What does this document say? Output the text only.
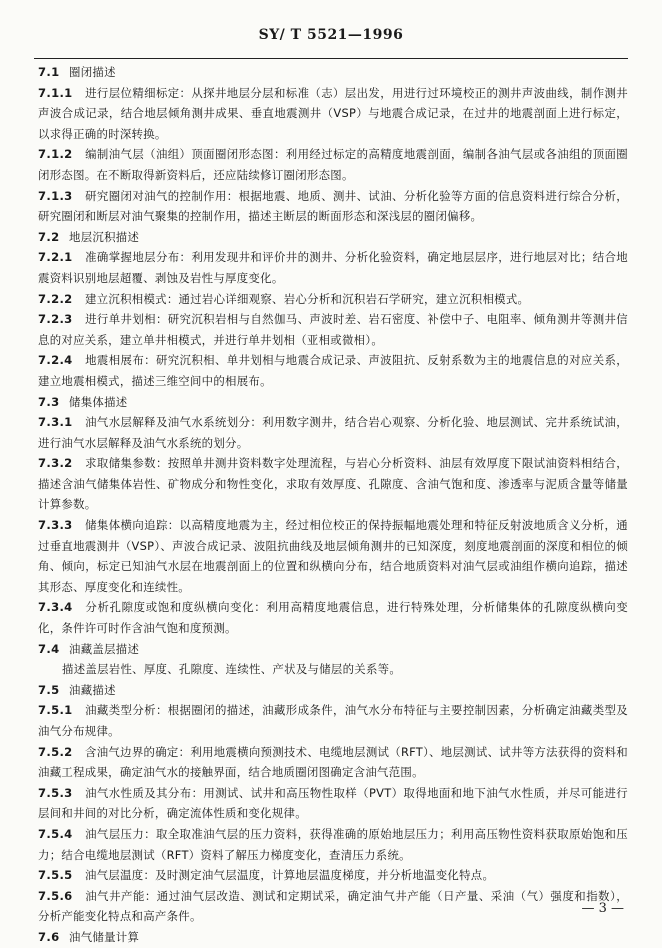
SY/ T 5521—1996

7.1 圈闭描述

7.1.1 进行层位精细标定：从探井地层分层和标准（志）层出发，用进行过环境校正的测井声波曲线，制作测井声波合成记录，结合地层倾角测井成果、垂直地震测井（VSP）与地震合成记录，在过井的地震剖面上进行标定，以求得正确的时深转换。

7.1.2 编制油气层（油组）顶面圈闭形态图：利用经过标定的高精度地震剖面，编制各油气层或各油组的顶面圈闭形态图。在不断取得新资料后，还应陆续修订圈闭形态图。

7.1.3 研究圈闭对油气的控制作用：根据地震、地质、测井、试油、分析化验等方面的信息资料进行综合分析，研究圈闭和断层对油气聚集的控制作用，描述主断层的断面形态和深浅层的圈闭偏移。

7.2 地层沉积描述

7.2.1 准确掌握地层分布：利用发现井和评价井的测井、分析化验资料，确定地层层序，进行地层对比；结合地震资料识别地层超覆、剥蚀及岩性与厚度变化。

7.2.2 建立沉积相模式：通过岩心详细观察、岩心分析和沉积岩石学研究，建立沉积相模式。

7.2.3 进行单井划相：研究沉积岩相与自然伽马、声波时差、岩石密度、补偿中子、电阻率、倾角测井等测井信息的对应关系，建立单井相模式，并进行单井划相（亚相或微相）。

7.2.4 地震相展布：研究沉积相、单井划相与地震合成记录、声波阻抗、反射系数为主的地震信息的对应关系，建立地震相模式，描述三维空间中的相展布。

7.3 储集体描述

7.3.1 油气水层解释及油气水系统划分：利用数字测井，结合岩心观察、分析化验、地层测试、完井系统试油，进行油气水层解释及油气水系统的划分。

7.3.2 求取储集参数：按照单井测井资料数字处理流程，与岩心分析资料、油层有效厚度下限试油资料相结合，描述含油气储集体岩性、矿物成分和物性变化，求取有效厚度、孔隙度、含油气饱和度、渗透率与泥质含量等储量计算参数。

7.3.3 储集体横向追踪：以高精度地震为主，经过相位校正的保持振幅地震处理和特征反射波地质含义分析，通过垂直地震测井（VSP）、声波合成记录、波阻抗曲线及地层倾角测井的已知深度，刻度地震剖面的深度和相位的倾角、倾向，标定已知油气水层在地震剖面上的位置和纵横向分布，结合地质资料对油气层或油组作横向追踪，描述其形态、厚度变化和连续性。

7.3.4 分析孔隙度或饱和度纵横向变化：利用高精度地震信息，进行特殊处理，分析储集体的孔隙度纵横向变化，条件许可时作含油气饱和度预测。

7.4 油藏盖层描述

描述盖层岩性、厚度、孔隙度、连续性、产状及与储层的关系等。

7.5 油藏描述

7.5.1 油藏类型分析：根据圈闭的描述，油藏形成条件，油气水分布特征与主要控制因素，分析确定油藏类型及油气分布规律。

7.5.2 含油气边界的确定：利用地震横向预测技术、电缆地层测试（RFT）、地层测试、试井等方法获得的资料和油藏工程成果，确定油气水的接触界面，结合地质圈闭图确定含油气范围。

7.5.3 油气水性质及其分布：用测试、试井和高压物性取样（PVT）取得地面和地下油气水性质，并尽可能进行层间和井间的对比分析，确定流体性质和变化规律。

7.5.4 油气层压力：取全取准油气层的压力资料，获得准确的原始地层压力；利用高压物性资料获取原始饱和压力；结合电缆地层测试（RFT）资料了解压力梯度变化，查清压力系统。

7.5.5 油气层温度：及时测定油气层温度，计算地层温度梯度，并分析地温变化特点。

7.5.6 油气井产能：通过油气层改造、测试和定期试采，确定油气井产能（日产量、采油（气）强度和指数），分析产能变化特点和高产条件。

7.6 油气储量计算

— 3 —
